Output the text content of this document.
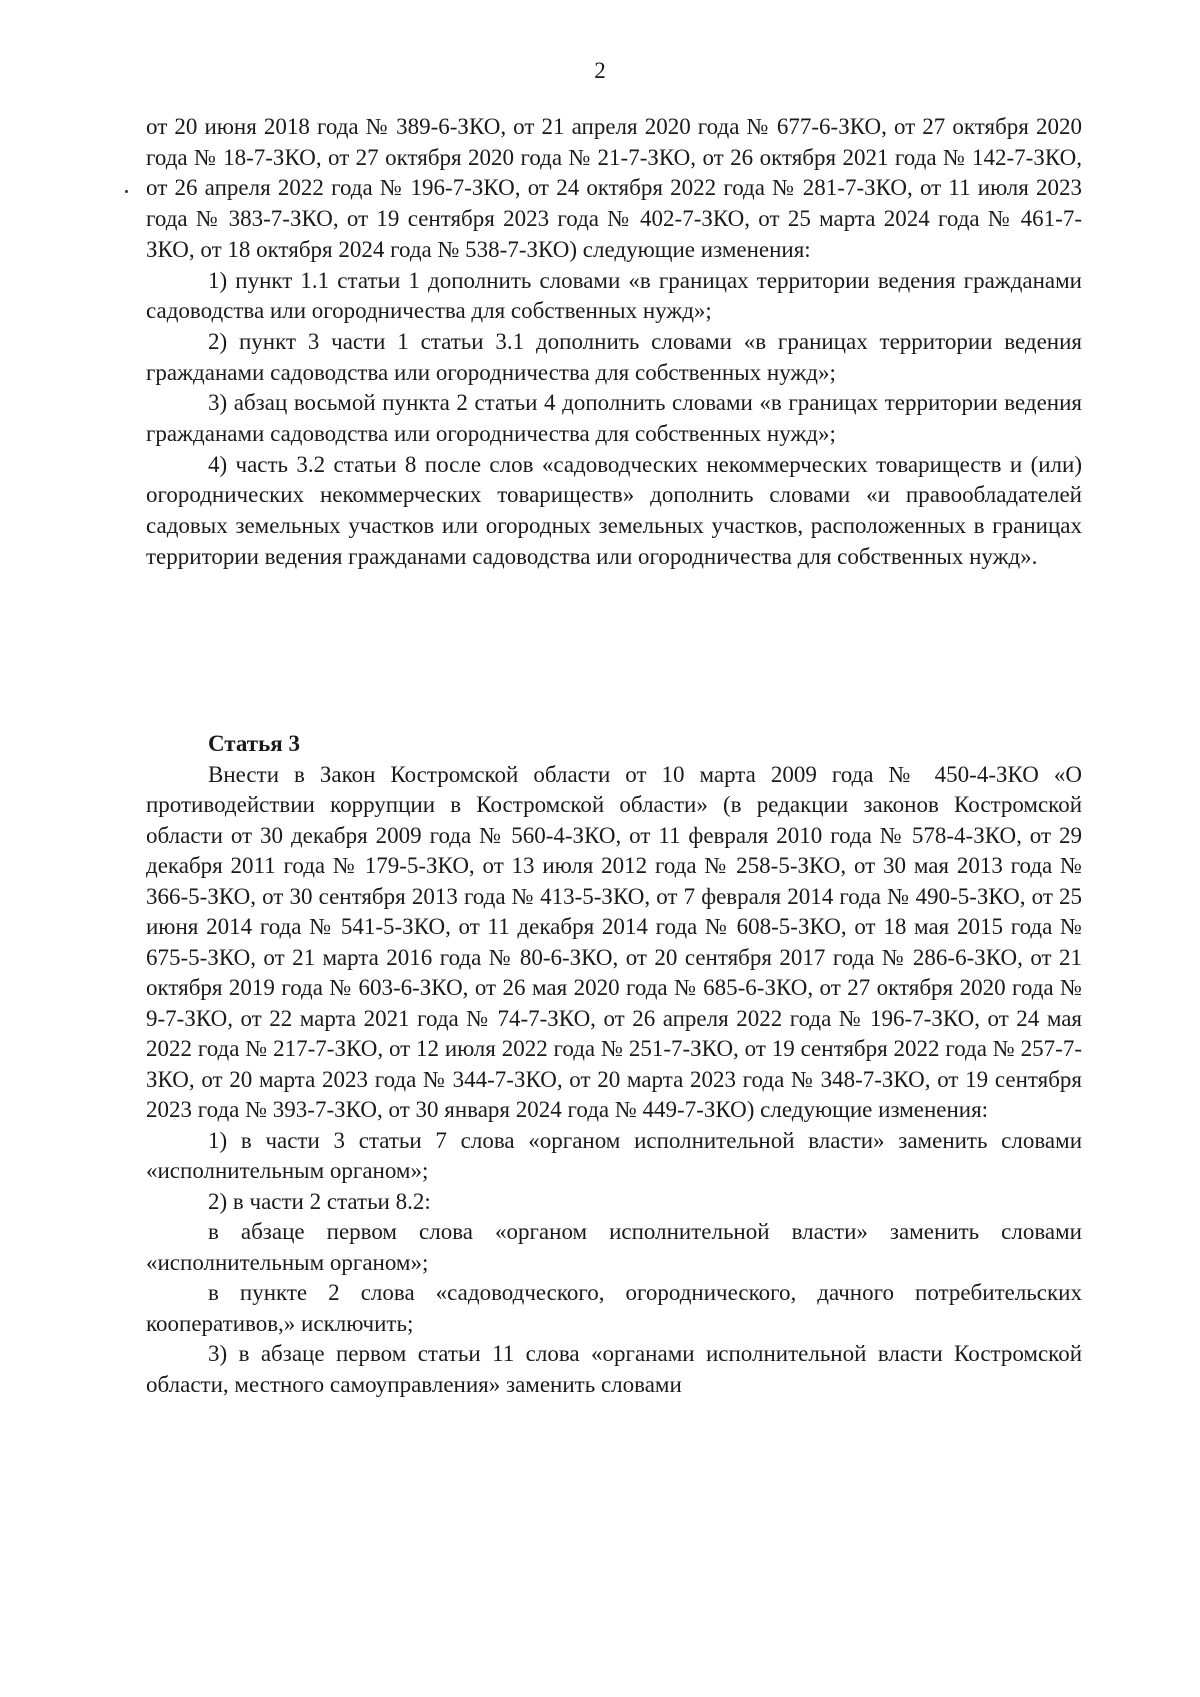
2

от 20 июня 2018 года № 389-6-ЗКО, от 21 апреля 2020 года № 677-6-ЗКО, от 27 октября 2020 года № 18-7-ЗКО, от 27 октября 2020 года № 21-7-ЗКО, от 26 октября 2021 года № 142-7-ЗКО, от 26 апреля 2022 года № 196-7-ЗКО, от 24 октября 2022 года № 281-7-ЗКО, от 11 июля 2023 года № 383-7-ЗКО, от 19 сентября 2023 года № 402-7-ЗКО, от 25 марта 2024 года № 461-7-ЗКО, от 18 октября 2024 года № 538-7-ЗКО) следующие изменения:

1) пункт 1.1 статьи 1 дополнить словами «в границах территории ведения гражданами садоводства или огородничества для собственных нужд»;

2) пункт 3 части 1 статьи 3.1 дополнить словами «в границах территории ведения гражданами садоводства или огородничества для собственных нужд»;

3) абзац восьмой пункта 2 статьи 4 дополнить словами «в границах территории ведения гражданами садоводства или огородничества для собственных нужд»;

4) часть 3.2 статьи 8 после слов «садоводческих некоммерческих товариществ и (или) огороднических некоммерческих товариществ» дополнить словами «и правообладателей садовых земельных участков или огородных земельных участков, расположенных в границах территории ведения гражданами садоводства или огородничества для собственных нужд».

Статья 3

Внести в Закон Костромской области от 10 марта 2009 года № 450-4-ЗКО «О противодействии коррупции в Костромской области» (в редакции законов Костромской области от 30 декабря 2009 года № 560-4-ЗКО, от 11 февраля 2010 года № 578-4-ЗКО, от 29 декабря 2011 года № 179-5-ЗКО, от 13 июля 2012 года № 258-5-ЗКО, от 30 мая 2013 года № 366-5-ЗКО, от 30 сентября 2013 года № 413-5-ЗКО, от 7 февраля 2014 года № 490-5-ЗКО, от 25 июня 2014 года № 541-5-ЗКО, от 11 декабря 2014 года № 608-5-ЗКО, от 18 мая 2015 года № 675-5-ЗКО, от 21 марта 2016 года № 80-6-ЗКО, от 20 сентября 2017 года № 286-6-ЗКО, от 21 октября 2019 года № 603-6-ЗКО, от 26 мая 2020 года № 685-6-ЗКО, от 27 октября 2020 года № 9-7-ЗКО, от 22 марта 2021 года № 74-7-ЗКО, от 26 апреля 2022 года № 196-7-ЗКО, от 24 мая 2022 года № 217-7-ЗКО, от 12 июля 2022 года № 251-7-ЗКО, от 19 сентября 2022 года № 257-7-ЗКО, от 20 марта 2023 года № 344-7-ЗКО, от 20 марта 2023 года № 348-7-ЗКО, от 19 сентября 2023 года № 393-7-ЗКО, от 30 января 2024 года № 449-7-ЗКО) следующие изменения:

1) в части 3 статьи 7 слова «органом исполнительной власти» заменить словами «исполнительным органом»;

2) в части 2 статьи 8.2:

в абзаце первом слова «органом исполнительной власти» заменить словами «исполнительным органом»;

в пункте 2 слова «садоводческого, огороднического, дачного потребительских кооперативов,» исключить;

3) в абзаце первом статьи 11 слова «органами исполнительной власти Костромской области, местного самоуправления» заменить словами
